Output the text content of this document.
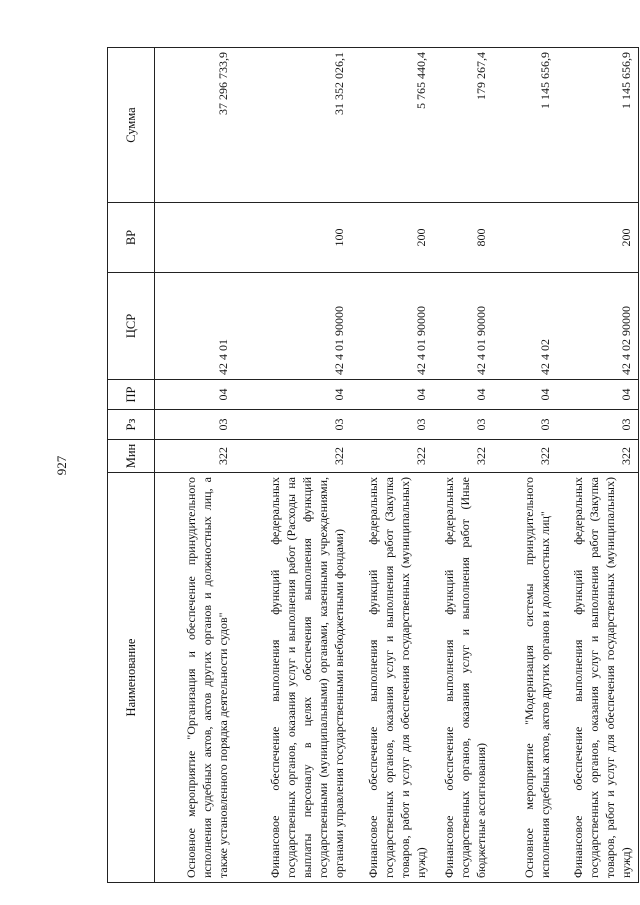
927
Наименование	Мин	Рз	ПР	ЦСР	ВР	Сумма
Основное мероприятие "Организация и обеспечение принудительного исполнения судебных актов, актов других органов и должностных лиц, а также установленного порядка деятельности судов"	322	03	04	42 4 01		37 296 733,9
Финансовое обеспечение выполнения функций федеральных государственных органов, оказания услуг и выполнения работ (Расходы на выплаты персоналу в целях обеспечения выполнения функций государственными (муниципальными) органами, казенными учреждениями, органами управления государственными внебюджетными фондами)	322	03	04	42 4 01 90000	100	31 352 026,1
Финансовое обеспечение выполнения функций федеральных государственных органов, оказания услуг и выполнения работ (Закупка товаров, работ и услуг для обеспечения государственных (муниципальных) нужд)	322	03	04	42 4 01 90000	200	5 765 440,4
Финансовое обеспечение выполнения функций федеральных государственных органов, оказания услуг и выполнения работ (Иные бюджетные ассигнования)	322	03	04	42 4 01 90000	800	179 267,4
Основное мероприятие "Модернизация системы принудительного исполнения судебных актов, актов других органов и должностных лиц"	322	03	04	42 4 02		1 145 656,9
Финансовое обеспечение выполнения функций федеральных государственных органов, оказания услуг и выполнения работ (Закупка товаров, работ и услуг для обеспечения государственных (муниципальных) нужд)	322	03	04	42 4 02 90000	200	1 145 656,9
